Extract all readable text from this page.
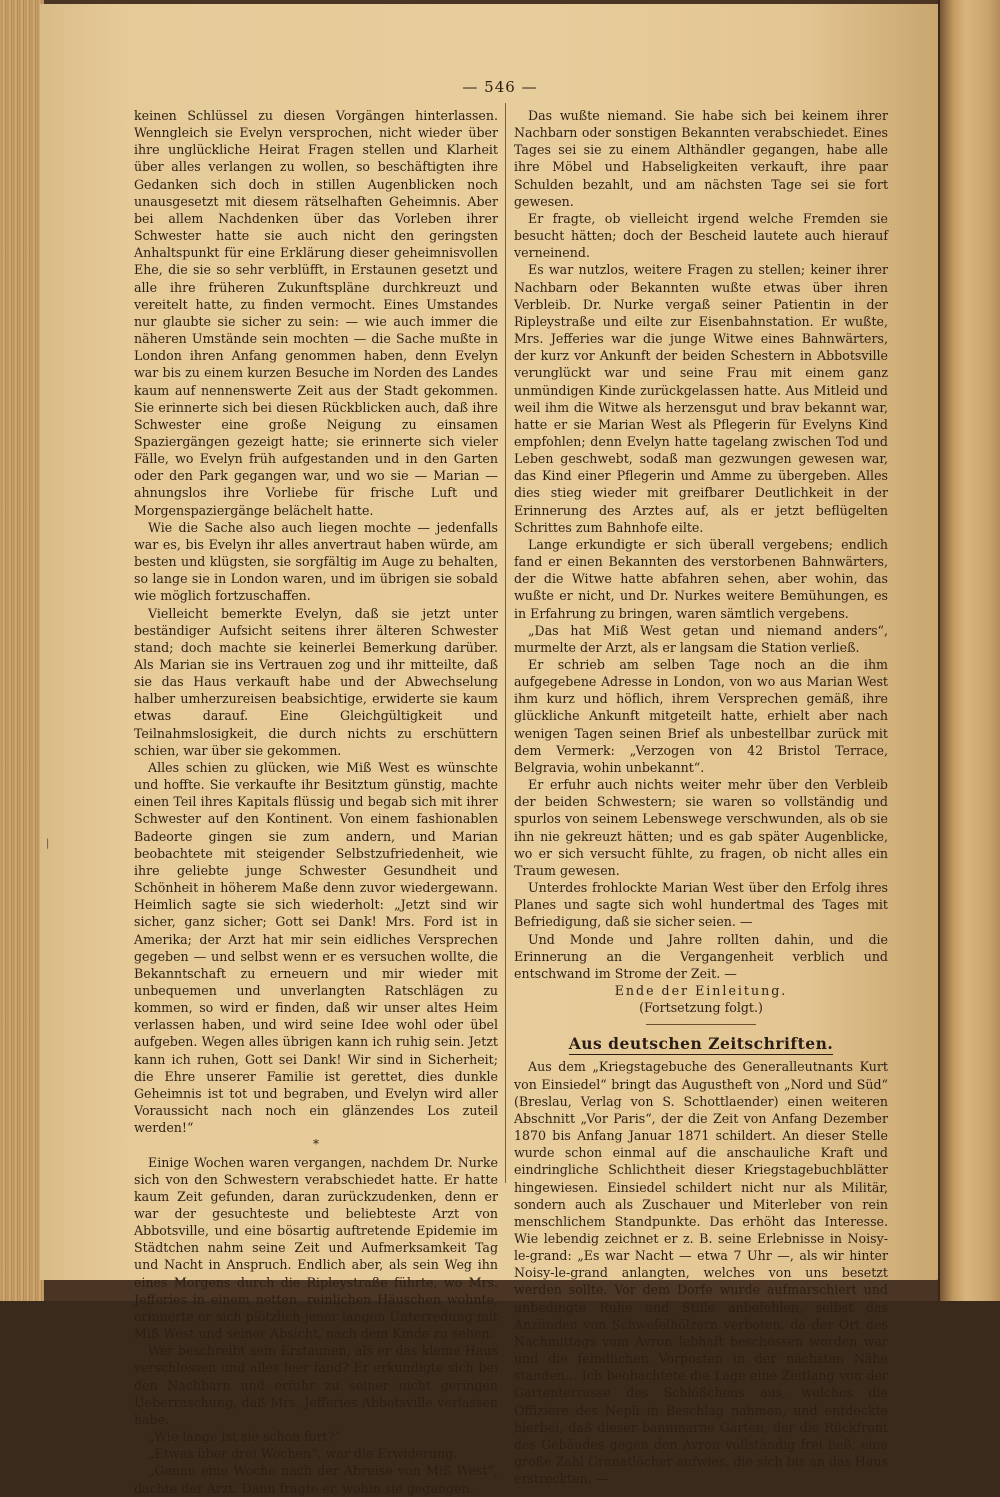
|
— 546 —

keinen Schlüssel zu diesen Vorgängen hinterlassen. Wenngleich sie Evelyn versprochen, nicht wieder über ihre unglückliche Heirat Fragen stellen und Klarheit über alles verlangen zu wollen, so beschäftigten ihre Gedanken sich doch in stillen Augenblicken noch unausgesetzt mit diesem rätselhaften Geheimnis. Aber bei allem Nachdenken über das Vorleben ihrer Schwester hatte sie auch nicht den geringsten Anhaltspunkt für eine Erklärung dieser geheimnisvollen Ehe, die sie so sehr verblüfft, in Erstaunen gesetzt und alle ihre früheren Zukunftspläne durchkreuzt und vereitelt hatte, zu finden vermocht. Eines Umstandes nur glaubte sie sicher zu sein: — wie auch immer die näheren Umstände sein mochten — die Sache mußte in London ihren Anfang genommen haben, denn Evelyn war bis zu einem kurzen Besuche im Norden des Landes kaum auf nennenswerte Zeit aus der Stadt gekommen. Sie erinnerte sich bei diesen Rückblicken auch, daß ihre Schwester eine große Neigung zu einsamen Spaziergängen gezeigt hatte; sie erinnerte sich vieler Fälle, wo Evelyn früh aufgestanden und in den Garten oder den Park gegangen war, und wo sie — Marian — ahnungslos ihre Vorliebe für frische Luft und Morgenspaziergänge belächelt hatte.

Wie die Sache also auch liegen mochte — jedenfalls war es, bis Evelyn ihr alles anvertraut haben würde, am besten und klügsten, sie sorgfältig im Auge zu behalten, so lange sie in London waren, und im übrigen sie sobald wie möglich fortzuschaffen.

Vielleicht bemerkte Evelyn, daß sie jetzt unter beständiger Aufsicht seitens ihrer älteren Schwester stand; doch machte sie keinerlei Bemerkung darüber. Als Marian sie ins Vertrauen zog und ihr mitteilte, daß sie das Haus verkauft habe und der Abwechselung halber umherzureisen beabsichtige, erwiderte sie kaum etwas darauf. Eine Gleichgültigkeit und Teilnahmslosigkeit, die durch nichts zu erschüttern schien, war über sie gekommen.

Alles schien zu glücken, wie Miß West es wünschte und hoffte. Sie verkaufte ihr Besitztum günstig, machte einen Teil ihres Kapitals flüssig und begab sich mit ihrer Schwester auf den Kontinent. Von einem fashionablen Badeorte gingen sie zum andern, und Marian beobachtete mit steigender Selbstzufriedenheit, wie ihre geliebte junge Schwester Gesundheit und Schönheit in höherem Maße denn zuvor wiedergewann. Heimlich sagte sie sich wiederholt: „Jetzt sind wir sicher, ganz sicher; Gott sei Dank! Mrs. Ford ist in Amerika; der Arzt hat mir sein eidliches Versprechen gegeben — und selbst wenn er es versuchen wollte, die Bekanntschaft zu erneuern und mir wieder mit unbequemen und unverlangten Ratschlägen zu kommen, so wird er finden, daß wir unser altes Heim verlassen haben, und wird seine Idee wohl oder übel aufgeben. Wegen alles übrigen kann ich ruhig sein. Jetzt kann ich ruhen, Gott sei Dank! Wir sind in Sicherheit; die Ehre unserer Familie ist gerettet, dies dunkle Geheimnis ist tot und begraben, und Evelyn wird aller Voraussicht nach noch ein glänzendes Los zuteil werden!“

*

Einige Wochen waren vergangen, nachdem Dr. Nurke sich von den Schwestern verabschiedet hatte. Er hatte kaum Zeit gefunden, daran zurückzudenken, denn er war der gesuchteste und beliebteste Arzt von Abbotsville, und eine bösartig auftretende Epidemie im Städtchen nahm seine Zeit und Aufmerksamkeit Tag und Nacht in Anspruch. Endlich aber, als sein Weg ihn eines Morgens durch die Ripleystraße führte, wo Mrs. Jefferies in einem netten, reinlichen Häuschen wohnte, erinnerte er sich plötzlich jener langen Unterredung mit Miß West und seiner Absicht, nach dem Kinde zu sehen.

Wer beschreibt sein Erstaunen, als er das kleine Haus verschlossen und alles leer fand? Er erkundigte sich bei den Nachbarn und erfuhr zu seiner nicht geringen Ueberraschung, daß Mrs. Jefferies Abbotsville verlassen habe.

„Wie lange ist sie schon fort?“

„Etwas über drei Wochen“, war die Erwiderung.

„Genau eine Woche nach der Abreise von Miß West“, dachte der Arzt. Dann fragte er, wohin sie gegangen.

Das wußte niemand. Sie habe sich bei keinem ihrer Nachbarn oder sonstigen Bekannten verabschiedet. Eines Tages sei sie zu einem Althändler gegangen, habe alle ihre Möbel und Habseligkeiten verkauft, ihre paar Schulden bezahlt, und am nächsten Tage sei sie fort gewesen.

Er fragte, ob vielleicht irgend welche Fremden sie besucht hätten; doch der Bescheid lautete auch hierauf verneinend.

Es war nutzlos, weitere Fragen zu stellen; keiner ihrer Nachbarn oder Bekannten wußte etwas über ihren Verbleib. Dr. Nurke vergaß seiner Patientin in der Ripleystraße und eilte zur Eisenbahnstation. Er wußte, Mrs. Jefferies war die junge Witwe eines Bahnwärters, der kurz vor Ankunft der beiden Schestern in Abbotsville verunglückt war und seine Frau mit einem ganz unmündigen Kinde zurückgelassen hatte. Aus Mitleid und weil ihm die Witwe als herzensgut und brav bekannt war, hatte er sie Marian West als Pflegerin für Evelyns Kind empfohlen; denn Evelyn hatte tagelang zwischen Tod und Leben geschwebt, sodaß man gezwungen gewesen war, das Kind einer Pflegerin und Amme zu übergeben. Alles dies stieg wieder mit greifbarer Deutlichkeit in der Erinnerung des Arztes auf, als er jetzt beflügelten Schrittes zum Bahnhofe eilte.

Lange erkundigte er sich überall vergebens; endlich fand er einen Bekannten des verstorbenen Bahnwärters, der die Witwe hatte abfahren sehen, aber wohin, das wußte er nicht, und Dr. Nurkes weitere Bemühungen, es in Erfahrung zu bringen, waren sämtlich vergebens.

„Das hat Miß West getan und niemand anders“, murmelte der Arzt, als er langsam die Station verließ.

Er schrieb am selben Tage noch an die ihm aufgegebene Adresse in London, von wo aus Marian West ihm kurz und höflich, ihrem Versprechen gemäß, ihre glückliche Ankunft mitgeteilt hatte, erhielt aber nach wenigen Tagen seinen Brief als unbestellbar zurück mit dem Vermerk: „Verzogen von 42 Bristol Terrace, Belgravia, wohin unbekannt“.

Er erfuhr auch nichts weiter mehr über den Verbleib der beiden Schwestern; sie waren so vollständig und spurlos von seinem Lebenswege verschwunden, als ob sie ihn nie gekreuzt hätten; und es gab später Augenblicke, wo er sich versucht fühlte, zu fragen, ob nicht alles ein Traum gewesen.

Unterdes frohlockte Marian West über den Erfolg ihres Planes und sagte sich wohl hundertmal des Tages mit Befriedigung, daß sie sicher seien. —

Und Monde und Jahre rollten dahin, und die Erinnerung an die Vergangenheit verblich und entschwand im Strome der Zeit. —

Ende der Einleitung.

(Fortsetzung folgt.)

Aus deutschen Zeitschriften.

Aus dem „Kriegstagebuche des Generalleutnants Kurt von Einsiedel“ bringt das Augustheft von „Nord und Süd“ (Breslau, Verlag von S. Schottlaender) einen weiteren Abschnitt „Vor Paris“, der die Zeit von Anfang Dezember 1870 bis Anfang Januar 1871 schildert. An dieser Stelle wurde schon einmal auf die anschauliche Kraft und eindringliche Schlichtheit dieser Kriegstagebuchblätter hingewiesen. Einsiedel schildert nicht nur als Militär, sondern auch als Zuschauer und Miterleber von rein menschlichem Standpunkte. Das erhöht das Interesse. Wie lebendig zeichnet er z. B. seine Erlebnisse in Noisy-le-grand: „Es war Nacht — etwa 7 Uhr —, als wir hinter Noisy-le-grand anlangten, welches von uns besetzt werden sollte. Vor dem Dorfe wurde aufmarschiert und unbedingte Ruhe und Stille anbefohlen, selbst das Anzünden von Schwefelhölzern verboten, da der Ort des Nachmittags vom Avron lebhaft beschossen worden war und die feindlichen Vorposten in der nächsten Nähe standen… Ich beobachtete die Lage eine Zeitlang von der Gartenterrasse des Schlößchens aus, welches die Offiziere des Nepli in Beschlag nahmen, und entdeckte hierbei, daß dieser bannmarne Garten, der die Rückfront des Gebäudes gegen den Avron vollständig frei ließ, eine große Zahl Granatlöcher aufwies, die sich bis an das Haus erstreckten, —
